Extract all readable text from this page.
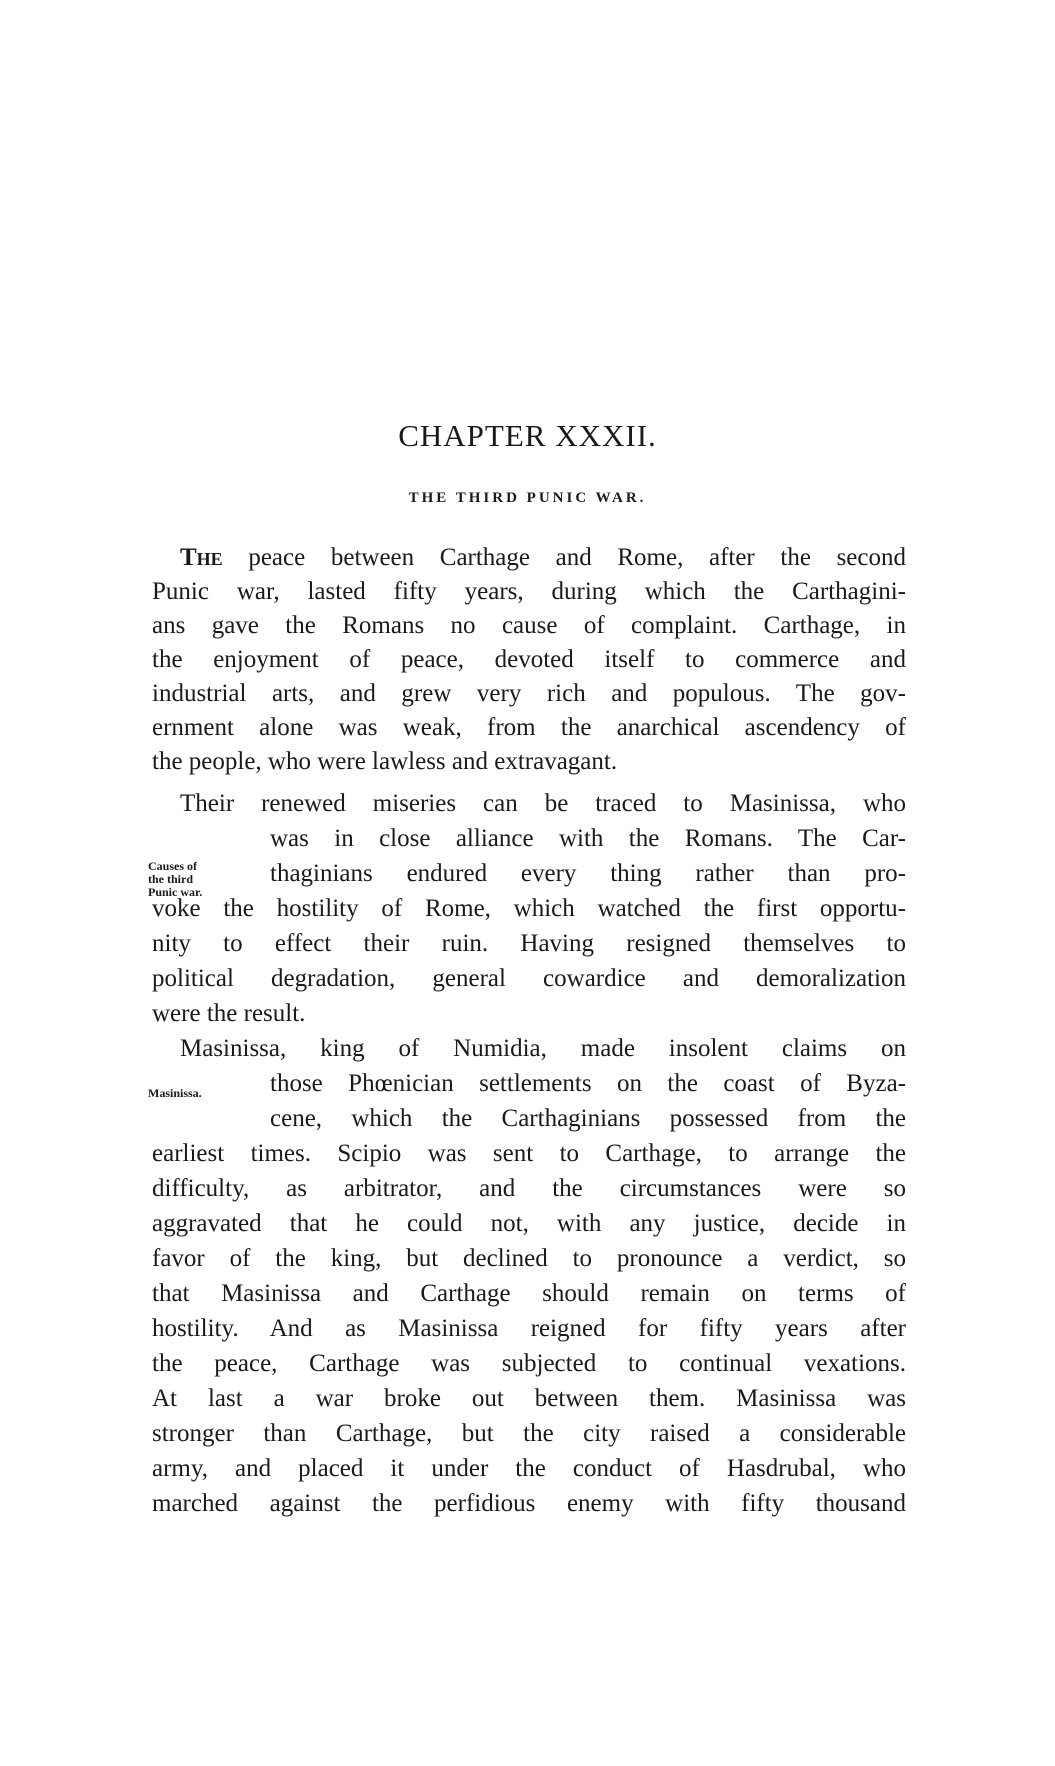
CHAPTER XXXII.
THE THIRD PUNIC WAR.
Causes of
the third
Punic war.
Masinissa.
The peace between Carthage and Rome, after the second
Punic war, lasted fifty years, during which the Carthagini-
ans gave the Romans no cause of complaint. Carthage, in
the enjoyment of peace, devoted itself to commerce and
industrial arts, and grew very rich and populous. The gov-
ernment alone was weak, from the anarchical ascendency of
the people, who were lawless and extravagant.
Their renewed miseries can be traced to Masinissa, who
was in close alliance with the Romans. The Car-
thaginians endured every thing rather than pro-
voke the hostility of Rome, which watched the first opportu-
nity to effect their ruin. Having resigned themselves to
political degradation, general cowardice and demoralization
were the result.
Masinissa, king of Numidia, made insolent claims on
those Phœnician settlements on the coast of Byza-
cene, which the Carthaginians possessed from the
earliest times. Scipio was sent to Carthage, to arrange the
difficulty, as arbitrator, and the circumstances were so
aggravated that he could not, with any justice, decide in
favor of the king, but declined to pronounce a verdict, so
that Masinissa and Carthage should remain on terms of
hostility. And as Masinissa reigned for fifty years after
the peace, Carthage was subjected to continual vexations.
At last a war broke out between them. Masinissa was
stronger than Carthage, but the city raised a considerable
army, and placed it under the conduct of Hasdrubal, who
marched against the perfidious enemy with fifty thousand
